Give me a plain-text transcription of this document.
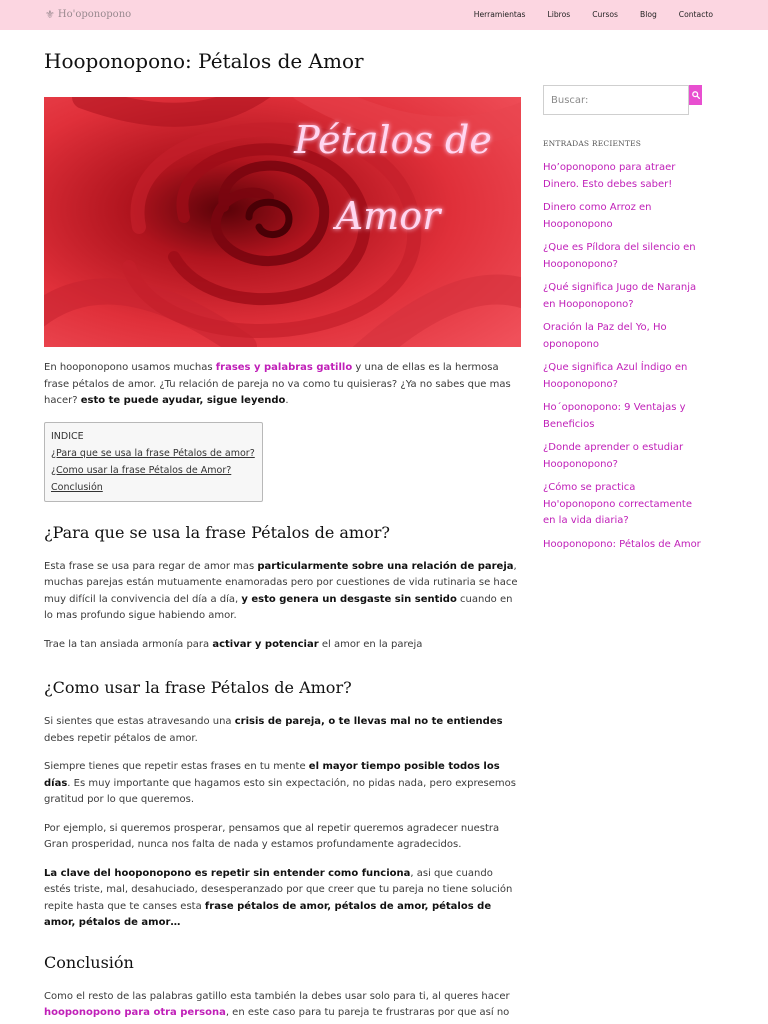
⚜ Ho'oponopono	Herramientas	Libros	Cursos	Blog	Contacto
Hooponopono: Pétalos de Amor
Pétalos de
Amor

En hooponopono usamos muchas frases y palabras gatillo y una de ellas es la hermosa frase pétalos de amor. ¿Tu relación de pareja no va como tu quisieras? ¿Ya no sabes que mas hacer? esto te puede ayudar, sigue leyendo.

INDICE
¿Para que se usa la frase Pétalos de amor?
¿Como usar la frase Pétalos de Amor?
Conclusión
¿Para que se usa la frase Pétalos de amor?

Esta frase se usa para regar de amor mas particularmente sobre una relación de pareja, muchas parejas están mutuamente enamoradas pero por cuestiones de vida rutinaria se hace muy difícil la convivencia del día a día, y esto genera un desgaste sin sentido cuando en lo mas profundo sigue habiendo amor.

Trae la tan ansiada armonía para activar y potenciar el amor en la pareja

¿Como usar la frase Pétalos de Amor?

Si sientes que estas atravesando una crisis de pareja, o te llevas mal no te entiendes debes repetir pétalos de amor.

Siempre tienes que repetir estas frases en tu mente el mayor tiempo posible todos los días. Es muy importante que hagamos esto sin expectación, no pidas nada, pero expresemos gratitud por lo que queremos.

Por ejemplo, si queremos prosperar, pensamos que al repetir queremos agradecer nuestra Gran prosperidad, nunca nos falta de nada y estamos profundamente agradecidos.

La clave del hooponopono es repetir sin entender como funciona, asi que cuando estés triste, mal, desahuciado, desesperanzado por que creer que tu pareja no tiene solución repite hasta que te canses esta frase pétalos de amor, pétalos de amor, pétalos de amor, pétalos de amor…

Conclusión

Como el resto de las palabras gatillo esta también la debes usar solo para ti, al queres hacer hooponopono para otra persona, en este caso para tu pareja te frustraras por que así no

Buscar:
ENTRADAS RECIENTES
Ho’oponopono para atraer Dinero. Esto debes saber!
Dinero como Arroz en Hooponopono
¿Que es Píldora del silencio en Hooponopono?
¿Qué significa Jugo de Naranja en Hooponopono?
Oración la Paz del Yo, Ho oponopono
¿Que significa Azul Índigo en Hooponopono?
Ho´oponopono: 9 Ventajas y Beneficios
¿Donde aprender o estudiar Hooponopono?
¿Cómo se practica Ho'oponopono correctamente en la vida diaria?
Hooponopono: Pétalos de Amor
